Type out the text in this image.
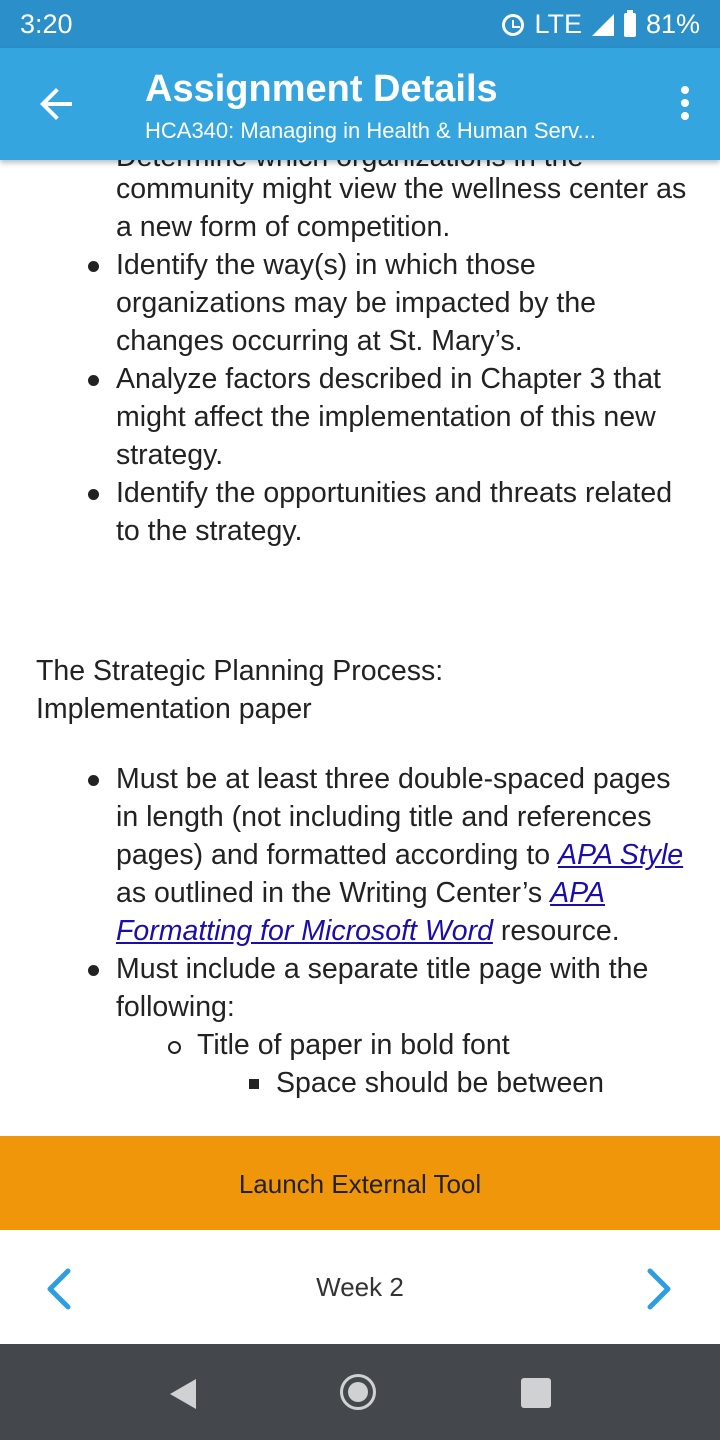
3:20	LTE 81%
Assignment Details
HCA340: Managing in Health & Human Serv...
community might view the wellness center as a new form of competition.
Identify the way(s) in which those organizations may be impacted by the changes occurring at St. Mary’s.
Analyze factors described in Chapter 3 that might affect the implementation of this new strategy.
Identify the opportunities and threats related to the strategy.
The Strategic Planning Process: Implementation paper
Must be at least three double-spaced pages in length (not including title and references pages) and formatted according to APA Style as outlined in the Writing Center’s APA Formatting for Microsoft Word resource.
Must include a separate title page with the following:
Title of paper in bold font
Space should be between
Launch External Tool
Week 2
